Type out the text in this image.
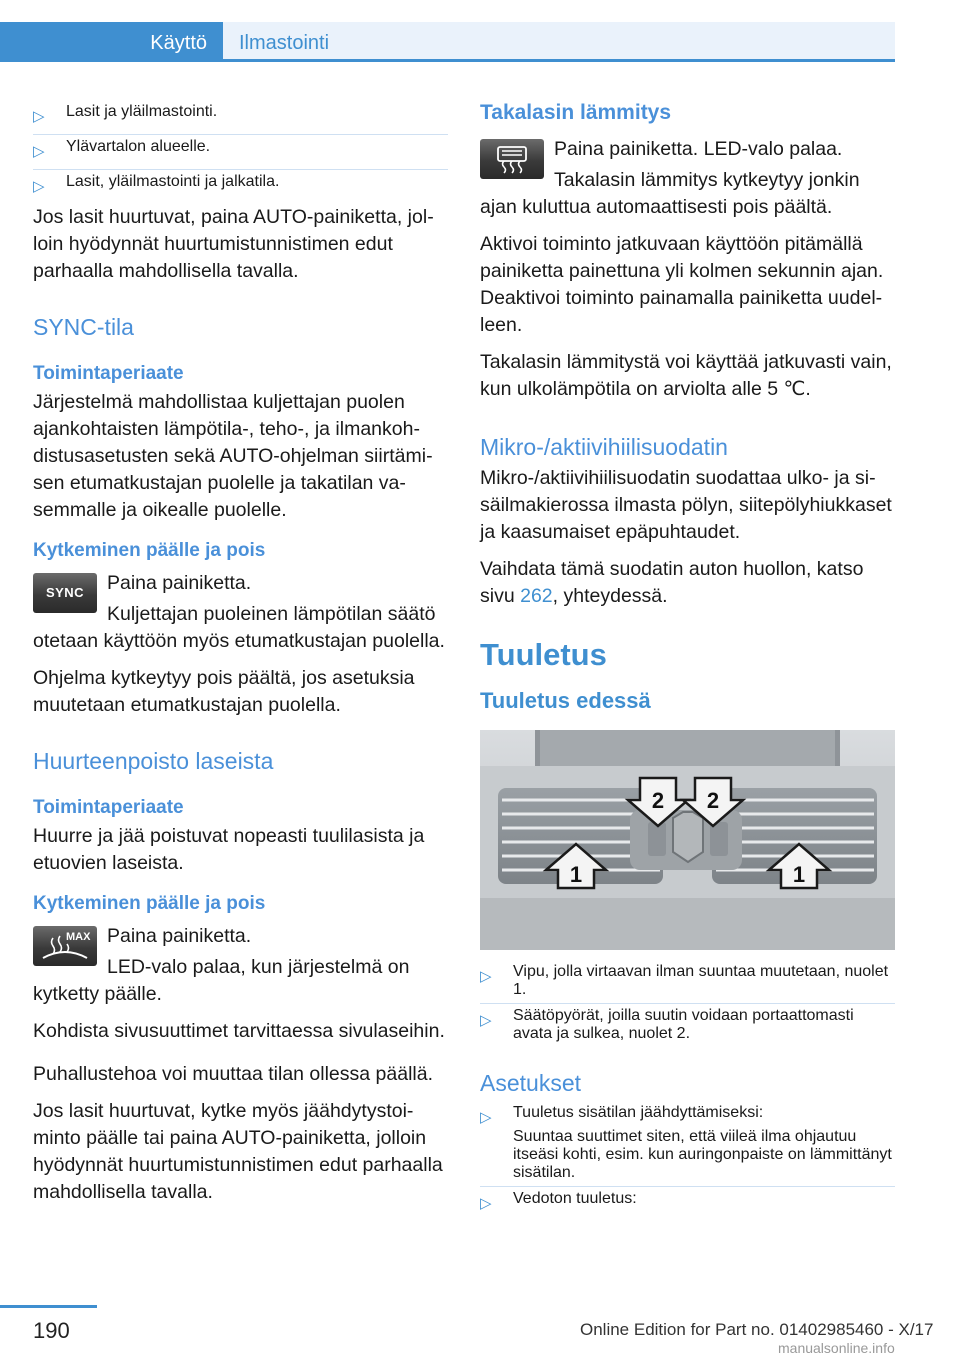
Käyttö	Ilmastointi
▷	Lasit ja yläilmastointi.
▷	Ylävartalon alueelle.
▷	Lasit, yläilmastointi ja jalkatila.

Jos lasit huurtuvat, paina AUTO-painiketta, jolloin hyödynnät huurtumistunnistimen edut parhaalla mahdollisella tavalla.

SYNC-tila
Toimintaperiaate

Järjestelmä mahdollistaa kuljettajan puolen ajankohtaisten lämpötila-, teho-, ja ilmankohdistusasetusten sekä AUTO-ohjelman siirtämisen etumatkustajan puolelle ja takatilan vasemmalle ja oikealle puolelle.

Kytkeminen päälle ja pois
SYNC	Paina painiketta.

Kuljettajan puoleinen lämpötilan säätö otetaan käyttöön myös etumatkustajan puolella.

Ohjelma kytkeytyy pois päältä, jos asetuksia muutetaan etumatkustajan puolella.

Huurteenpoisto laseista
Toimintaperiaate

Huurre ja jää poistuvat nopeasti tuulilasista ja etuovien laseista.

Kytkeminen päälle ja pois
MAX Paina painiketta.

LED-valo palaa, kun järjestelmä on kytketty päälle.

Kohdista sivusuuttimet tarvittaessa sivulaseihin.

Puhallustehoa voi muuttaa tilan ollessa päällä.

Jos lasit huurtuvat, kytke myös jäähdytystoiminto päälle tai paina AUTO-painiketta, jolloin hyödynnät huurtumistunnistimen edut parhaalla mahdollisella tavalla.

Takalasin lämmitys

Paina painiketta. LED-valo palaa.

Takalasin lämmitys kytkeytyy jonkin ajan kuluttua automaattisesti pois päältä.

Aktivoi toiminto jatkuvaan käyttöön pitämällä painiketta painettuna yli kolmen sekunnin ajan. Deaktivoi toiminto painamalla painiketta uudelleen.

Takalasin lämmitystä voi käyttää jatkuvasti vain, kun ulkolämpötila on arviolta alle 5 ℃.

Mikro-/aktiivihiilisuodatin

Mikro-/aktiivihiilisuodatin suodattaa ulko- ja sisäilmakierossa ilmasta pölyn, siitepölyhiukkaset ja kaasumaiset epäpuhtaudet.

Vaihdata tämä suodatin auton huollon, katso sivu 262, yhteydessä.

Tuuletus
Tuuletus edessä
2 2
1	1
▷	Vipu, jolla virtaavan ilman suuntaa muutetaan, nuolet 1.
▷	Säätöpyörät, joilla suutin voidaan portaattomasti avata ja sulkea, nuolet 2.
Asetukset
▷	Tuuletus sisätilan jäähdyttämiseksi:
Suuntaa suuttimet siten, että viileä ilma ohjautuu itseäsi kohti, esim. kun auringonpaiste on lämmittänyt sisätilan.
▷	Vedoton tuuletus:
190	Online Edition for Part no. 01402985460 - X/17
manualsonline.info
